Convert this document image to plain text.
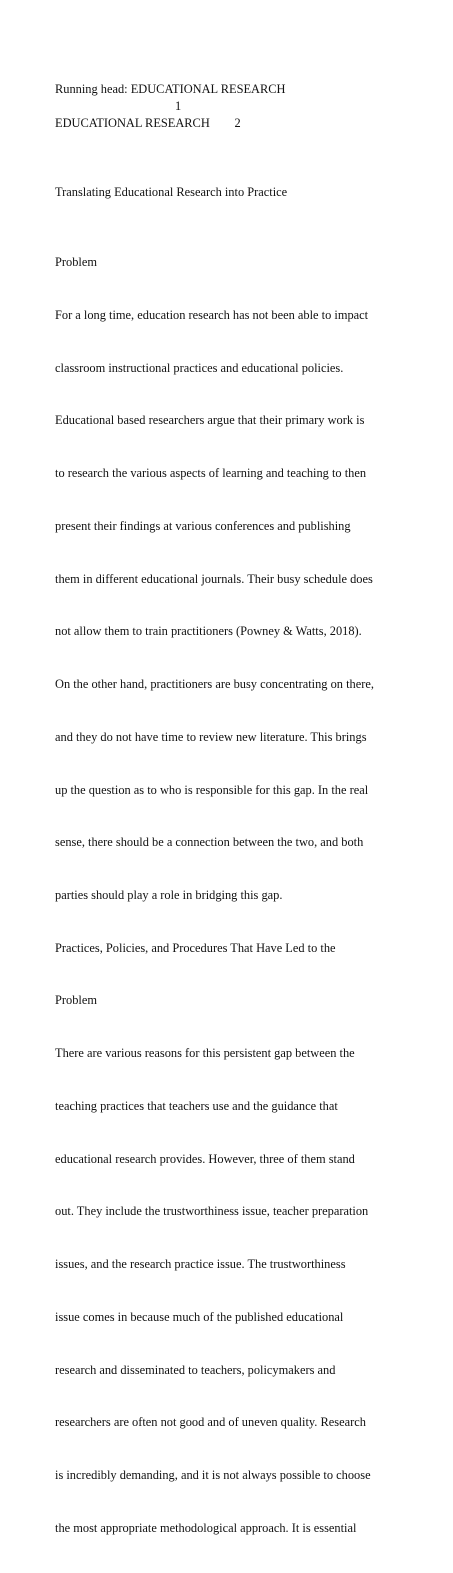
Running head: EDUCATIONAL RESEARCH
1
EDUCATIONAL RESEARCH        2
Translating Educational Research into Practice

Problem

For a long time, education research has not been able to impact

classroom instructional practices and educational policies.

Educational based researchers argue that their primary work is

to research the various aspects of learning and teaching to then

present their findings at various conferences and publishing

them in different educational journals. Their busy schedule does

not allow them to train practitioners (Powney & Watts, 2018).

On the other hand, practitioners are busy concentrating on there,

and they do not have time to review new literature. This brings

up the question as to who is responsible for this gap. In the real

sense, there should be a connection between the two, and both

parties should play a role in bridging this gap.

Practices, Policies, and Procedures That Have Led to the

Problem

There are various reasons for this persistent gap between the

teaching practices that teachers use and the guidance that

educational research provides. However, three of them stand

out. They include the trustworthiness issue, teacher preparation

issues, and the research practice issue. The trustworthiness

issue comes in because much of the published educational

research and disseminated to teachers, policymakers and

researchers are often not good and of uneven quality. Research

is incredibly demanding, and it is not always possible to choose

the most appropriate methodological approach. It is essential
